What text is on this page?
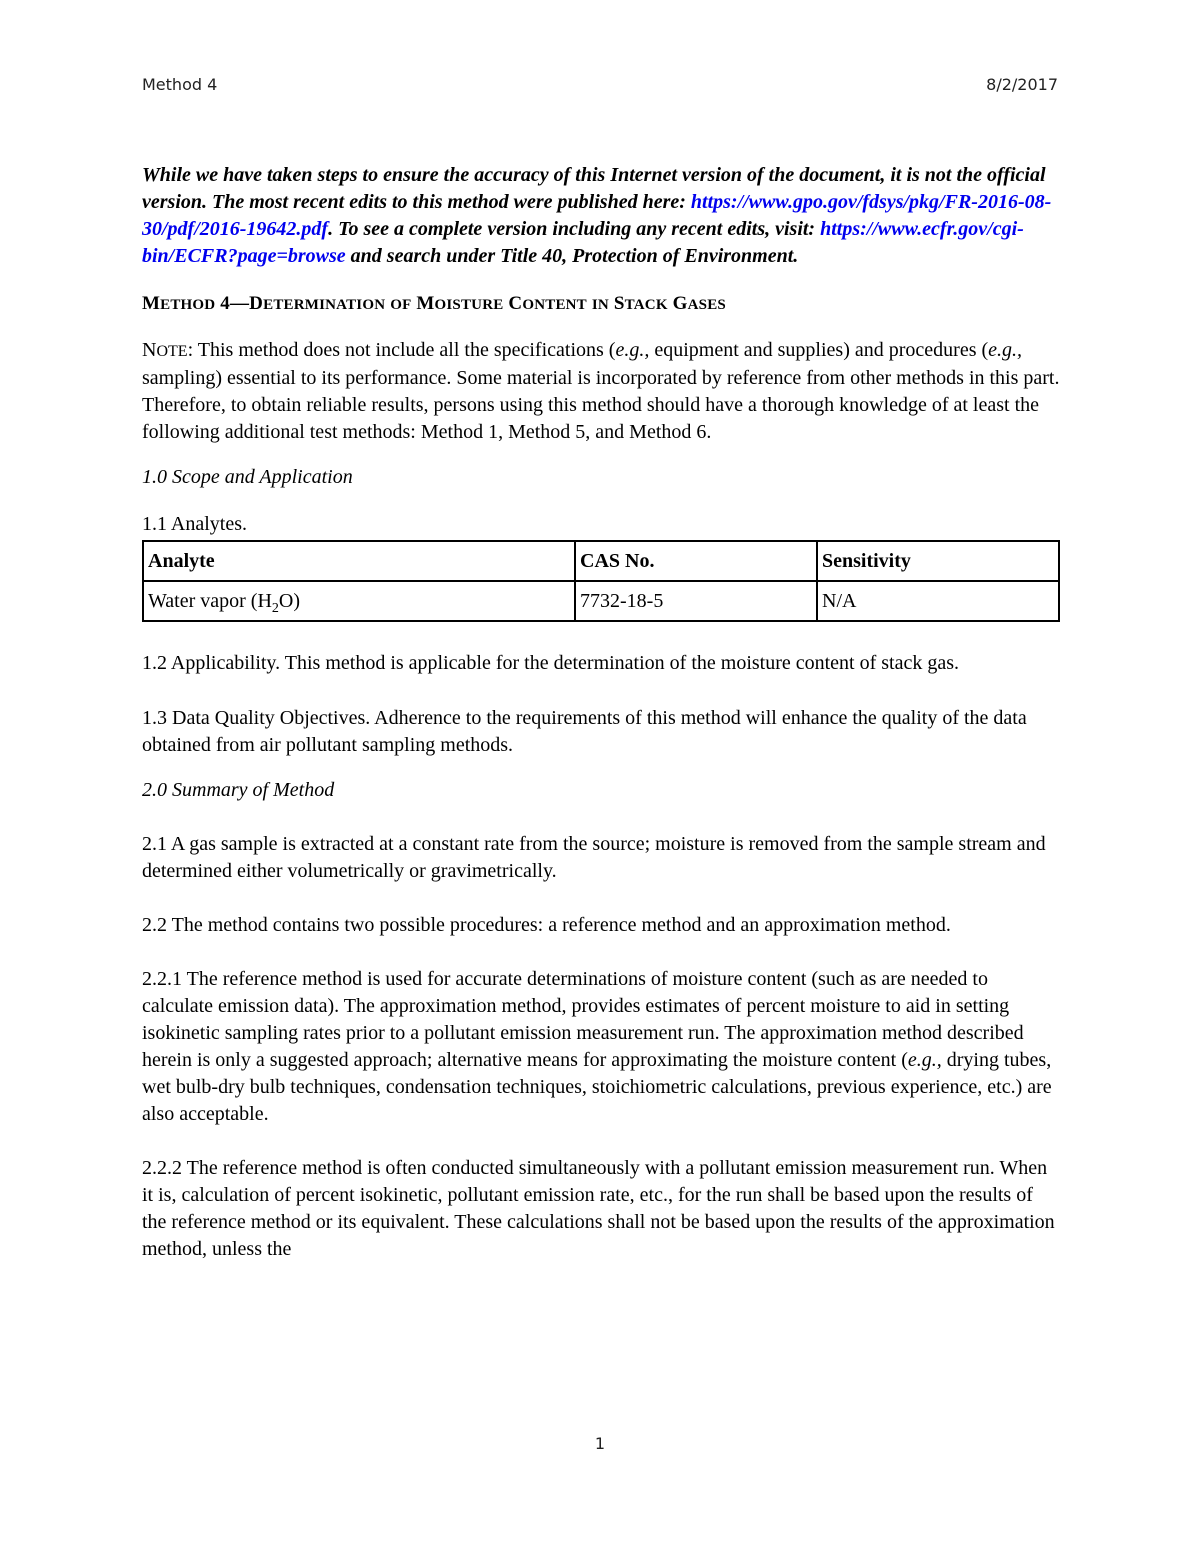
Method 4	8/2/2017

While we have taken steps to ensure the accuracy of this Internet version of the document, it is not the official version. The most recent edits to this method were published here: https://www.gpo.gov/fdsys/pkg/FR-2016-08-30/pdf/2016-19642.pdf. To see a complete version including any recent edits, visit: https://www.ecfr.gov/cgi-bin/ECFR?page=browse and search under Title 40, Protection of Environment.

METHOD 4—DETERMINATION OF MOISTURE CONTENT IN STACK GASES

NOTE: This method does not include all the specifications (e.g., equipment and supplies) and procedures (e.g., sampling) essential to its performance. Some material is incorporated by reference from other methods in this part. Therefore, to obtain reliable results, persons using this method should have a thorough knowledge of at least the following additional test methods: Method 1, Method 5, and Method 6.

1.0 Scope and Application

1.1 Analytes.

Analyte	CAS No.	Sensitivity
Water vapor $(H_2O)$	7732-18-5	N/A

1.2 Applicability. This method is applicable for the determination of the moisture content of stack gas.

1.3 Data Quality Objectives. Adherence to the requirements of this method will enhance the quality of the data obtained from air pollutant sampling methods.

2.0 Summary of Method

2.1 A gas sample is extracted at a constant rate from the source; moisture is removed from the sample stream and determined either volumetrically or gravimetrically.

2.2 The method contains two possible procedures: a reference method and an approximation method.

2.2.1 The reference method is used for accurate determinations of moisture content (such as are needed to calculate emission data). The approximation method, provides estimates of percent moisture to aid in setting isokinetic sampling rates prior to a pollutant emission measurement run. The approximation method described herein is only a suggested approach; alternative means for approximating the moisture content (e.g., drying tubes, wet bulb-dry bulb techniques, condensation techniques, stoichiometric calculations, previous experience, etc.) are also acceptable.

2.2.2 The reference method is often conducted simultaneously with a pollutant emission measurement run. When it is, calculation of percent isokinetic, pollutant emission rate, etc., for the run shall be based upon the results of the reference method or its equivalent. These calculations shall not be based upon the results of the approximation method, unless the

1
